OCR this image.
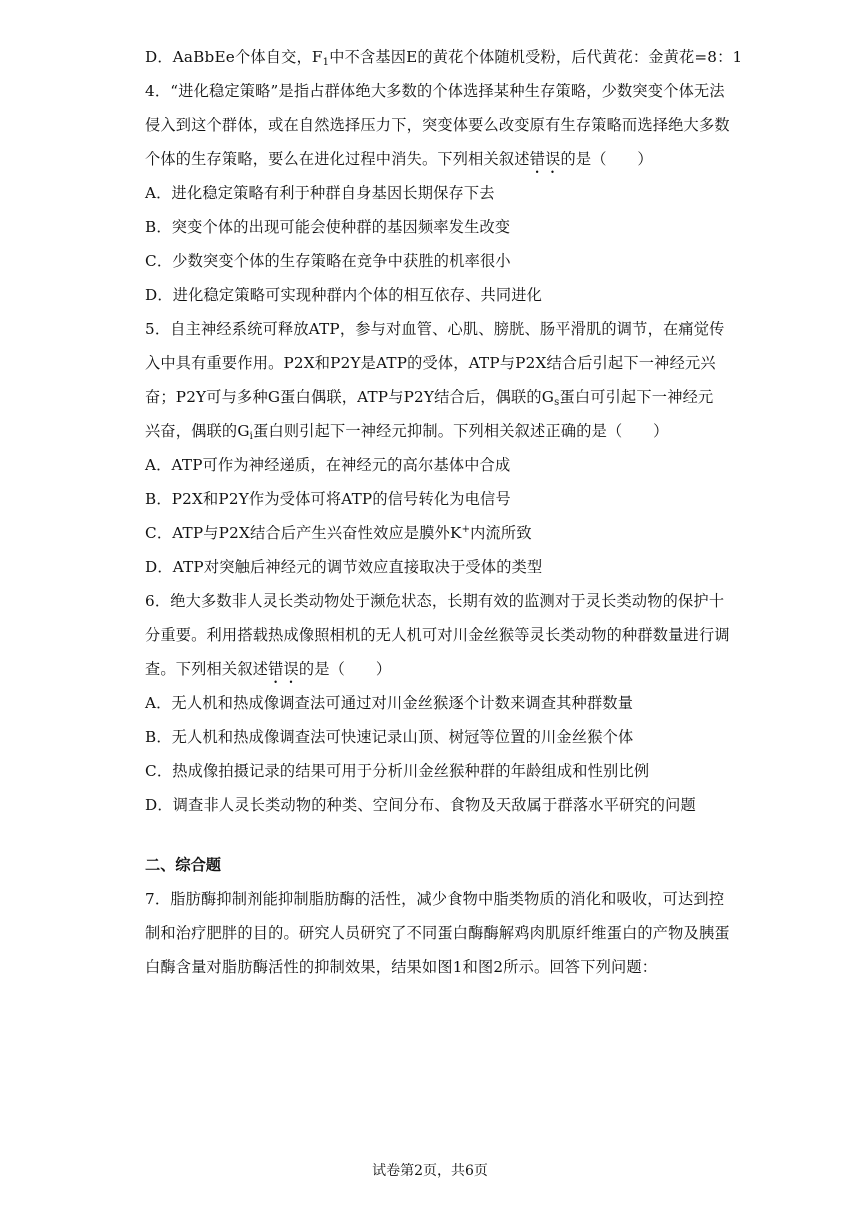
D．AaBbEe个体自交，$F_1$中不含基因E的黄花个体随机受粉，后代黄花：金黄花=8：1
4．“进化稳定策略”是指占群体绝大多数的个体选择某种生存策略，少数突变个体无法
侵入到这个群体，或在自然选择压力下，突变体要么改变原有生存策略而选择绝大多数
个体的生存策略，要么在进化过程中消失。下列相关叙述错误的是（　　）
A．进化稳定策略有利于种群自身基因长期保存下去
B．突变个体的出现可能会使种群的基因频率发生改变
C．少数突变个体的生存策略在竞争中获胜的机率很小
D．进化稳定策略可实现种群内个体的相互依存、共同进化
5．自主神经系统可释放ATP，参与对血管、心肌、膀胱、肠平滑肌的调节，在痛觉传
入中具有重要作用。P2X和P2Y是ATP的受体，ATP与P2X结合后引起下一神经元兴
奋；P2Y可与多种G蛋白偶联，ATP与P2Y结合后，偶联的$G_s$蛋白可引起下一神经元
兴奋，偶联的$G_i$蛋白则引起下一神经元抑制。下列相关叙述正确的是（　　）
A．ATP可作为神经递质，在神经元的高尔基体中合成
B．P2X和P2Y作为受体可将ATP的信号转化为电信号
C．ATP与P2X结合后产生兴奋性效应是膜外K+内流所致
D．ATP对突触后神经元的调节效应直接取决于受体的类型
6．绝大多数非人灵长类动物处于濒危状态，长期有效的监测对于灵长类动物的保护十
分重要。利用搭载热成像照相机的无人机可对川金丝猴等灵长类动物的种群数量进行调
查。下列相关叙述错误的是（　　）
A．无人机和热成像调查法可通过对川金丝猴逐个计数来调查其种群数量
B．无人机和热成像调查法可快速记录山顶、树冠等位置的川金丝猴个体
C．热成像拍摄记录的结果可用于分析川金丝猴种群的年龄组成和性别比例
D．调查非人灵长类动物的种类、空间分布、食物及天敌属于群落水平研究的问题
二、综合题
7．脂肪酶抑制剂能抑制脂肪酶的活性，减少食物中脂类物质的消化和吸收，可达到控
制和治疗肥胖的目的。研究人员研究了不同蛋白酶酶解鸡肉肌原纤维蛋白的产物及胰蛋
白酶含量对脂肪酶活性的抑制效果，结果如图1和图2所示。回答下列问题：
试卷第2页，共6页
